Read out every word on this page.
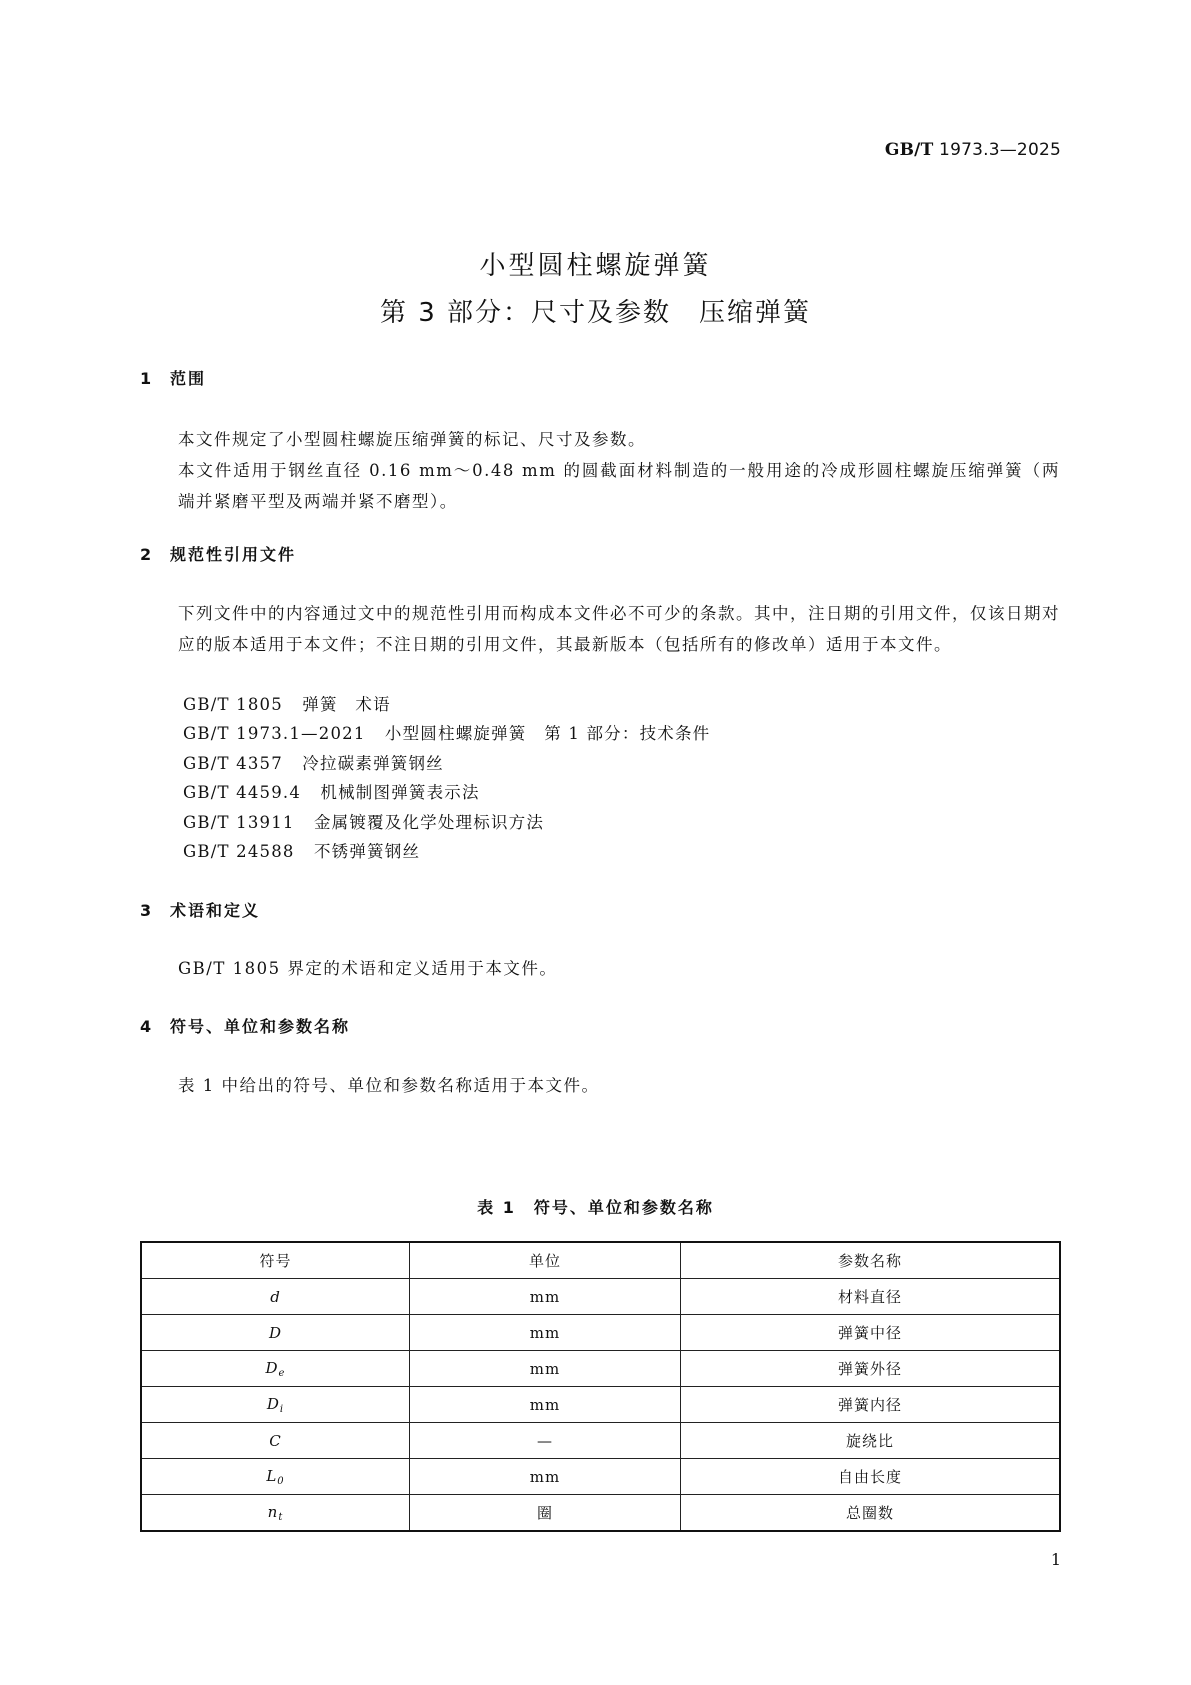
GB/T 1973.3—2025
小型圆柱螺旋弹簧
第 3 部分：尺寸及参数　压缩弹簧
1 范围
本文件规定了小型圆柱螺旋压缩弹簧的标记、尺寸及参数。
本文件适用于钢丝直径 0.16 mm～0.48 mm 的圆截面材料制造的一般用途的冷成形圆柱螺旋压缩弹簧（两端并紧磨平型及两端并紧不磨型）。
2 规范性引用文件
下列文件中的内容通过文中的规范性引用而构成本文件必不可少的条款。其中，注日期的引用文件，仅该日期对应的版本适用于本文件；不注日期的引用文件，其最新版本（包括所有的修改单）适用于本文件。
GB/T 1805 弹簧　术语
GB/T 1973.1—2021 小型圆柱螺旋弹簧　第 1 部分：技术条件
GB/T 4357 冷拉碳素弹簧钢丝
GB/T 4459.4 机械制图弹簧表示法
GB/T 13911 金属镀覆及化学处理标识方法
GB/T 24588 不锈弹簧钢丝
3 术语和定义
GB/T 1805 界定的术语和定义适用于本文件。
4 符号、单位和参数名称
表 1 中给出的符号、单位和参数名称适用于本文件。
表 1　符号、单位和参数名称
符号	单位	参数名称
d	mm	材料直径
D	mm	弹簧中径
$D_e$	mm	弹簧外径
$D_i$	mm	弹簧内径
C	—	旋绕比
$L_0$	mm	自由长度
$n_t$	圈	总圈数
1
